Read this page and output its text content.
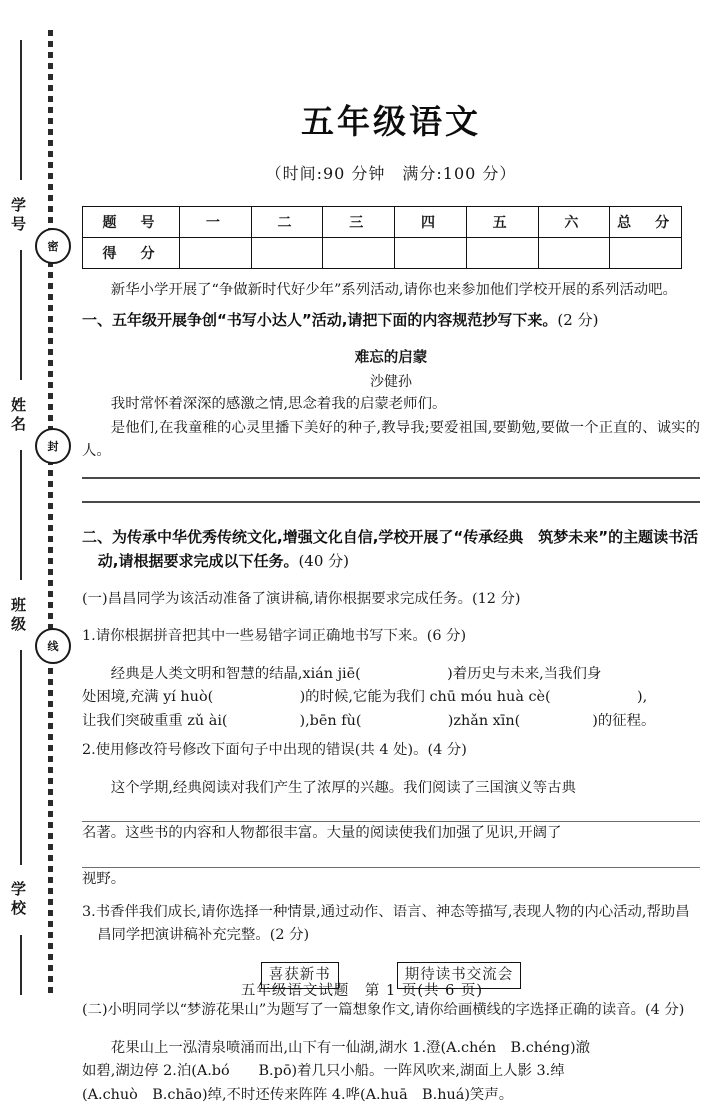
学号
姓名
班级
学校
密
封
线
五年级语文
（时间:90 分钟　满分:100 分）
题　号	一	二	三	四	五	六	总　分
得　分							

新华小学开展了“争做新时代好少年”系列活动,请你也来参加他们学校开展的系列活动吧。

一、五年级开展争创“书写小达人”活动,请把下面的内容规范抄写下来。(2 分)

难忘的启蒙

沙健孙

我时常怀着深深的感激之情,思念着我的启蒙老师们。

是他们,在我童稚的心灵里播下美好的种子,教导我;要爱祖国,要勤勉,要做一个正直的、诚实的人。

二、为传承中华优秀传统文化,增强文化自信,学校开展了“传承经典　筑梦未来”的主题读书活动,请根据要求完成以下任务。(40 分)

(一)昌昌同学为该活动准备了演讲稿,请你根据要求完成任务。(12 分)

1.请你根据拼音把其中一些易错字词正确地书写下来。(6 分)

经典是人类文明和智慧的结晶,xián jiē(　　　　　　)着历史与未来,当我们身

处困境,充满 yí huò(　　　　　　)的时候,它能为我们 chū móu huà cè(　　　　　　),

让我们突破重重 zǔ ài(　　　　　),bēn fù(　　　　　　)zhǎn xīn(　　　　　)的征程。

2.使用修改符号修改下面句子中出现的错误(共 4 处)。(4 分)

这个学期,经典阅读对我们产生了浓厚的兴趣。我们阅读了三国演义等古典

名著。这些书的内容和人物都很丰富。大量的阅读使我们加强了见识,开阔了

视野。

3.书香伴我们成长,请你选择一种情景,通过动作、语言、神态等描写,表现人物的内心活动,帮助昌昌同学把演讲稿补充完整。(2 分)

喜获新书	期待读书交流会

(二)小明同学以“梦游花果山”为题写了一篇想象作文,请你给画横线的字选择正确的读音。(4 分)

花果山上一泓清泉喷涌而出,山下有一仙湖,湖水 1.澄(A.chén　B.chéng)澈

如碧,湖边停 2.泊(A.bó　　B.pō)着几只小船。一阵风吹来,湖面上人影 3.绰

(A.chuò　B.chāo)绰,不时还传来阵阵 4.哗(A.huā　B.huá)笑声。

五年级语文试题　第 1 页(共 6 页)
